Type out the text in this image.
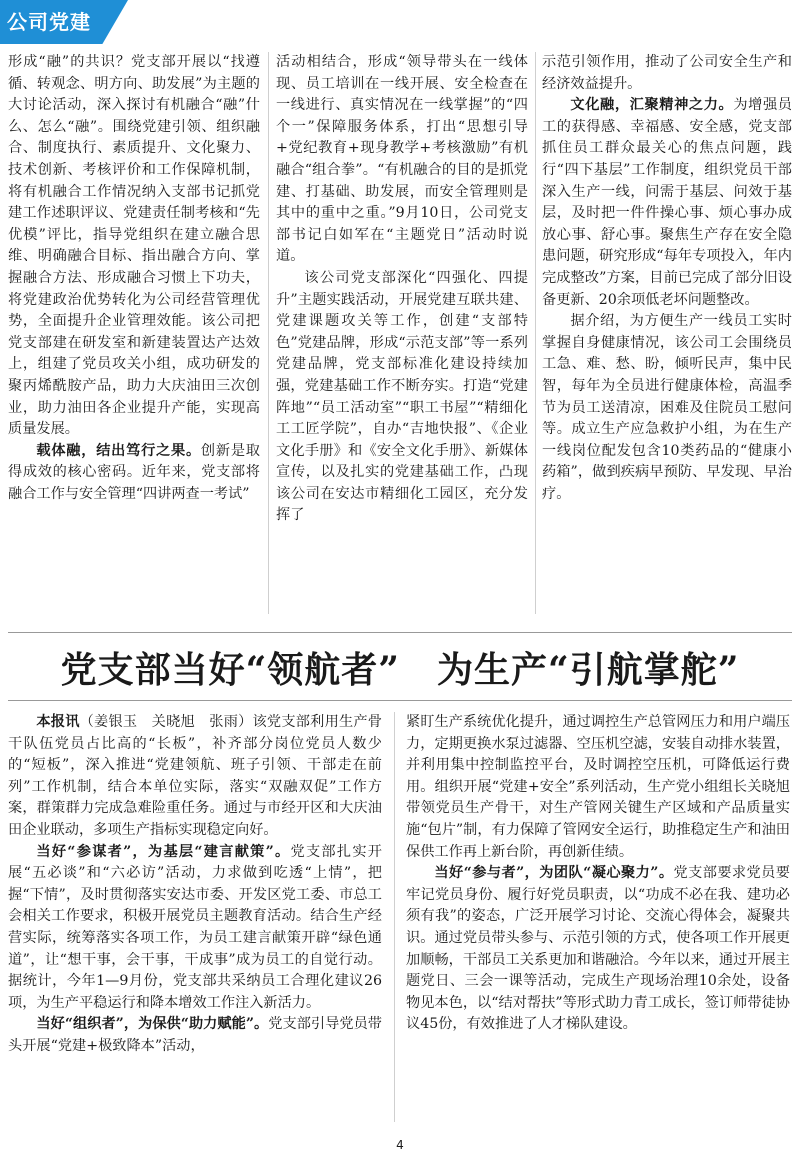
公司党建

形成“融”的共识？党支部开展以“找遵循、转观念、明方向、助发展”为主题的大讨论活动，深入探讨有机融合“融”什么、怎么“融”。围绕党建引领、组织融合、制度执行、素质提升、文化聚力、技术创新、考核评价和工作保障机制，将有机融合工作情况纳入支部书记抓党建工作述职评议、党建责任制考核和“先优模”评比，指导党组织在建立融合思维、明确融合目标、指出融合方向、掌握融合方法、形成融合习惯上下功夫，将党建政治优势转化为公司经营管理优势，全面提升企业管理效能。该公司把党支部建在研发室和新建装置达产达效上，组建了党员攻关小组，成功研发的聚丙烯酰胺产品，助力大庆油田三次创业，助力油田各企业提升产能，实现高质量发展。

载体融，结出笃行之果。创新是取得成效的核心密码。近年来，党支部将融合工作与安全管理“四讲两查一考试”

活动相结合，形成“领导带头在一线体现、员工培训在一线开展、安全检查在一线进行、真实情况在一线掌握”的“四个一”保障服务体系，打出“思想引导+党纪教育+现身教学+考核激励”有机融合“组合拳”。“有机融合的目的是抓党建、打基础、助发展，而安全管理则是其中的重中之重。”9月10日，公司党支部书记白如军在“主题党日”活动时说道。

该公司党支部深化“四强化、四提升”主题实践活动，开展党建互联共建、党建课题攻关等工作，创建“支部特色”党建品牌，形成“示范支部”等一系列党建品牌，党支部标准化建设持续加强，党建基础工作不断夯实。打造“党建阵地”“员工活动室”“职工书屋”“精细化工工匠学院”，自办“吉地快报”、《企业文化手册》和《安全文化手册》、新媒体宣传，以及扎实的党建基础工作，凸现该公司在安达市精细化工园区，充分发挥了

示范引领作用，推动了公司安全生产和经济效益提升。

文化融，汇聚精神之力。为增强员工的获得感、幸福感、安全感，党支部抓住员工群众最关心的焦点问题，践行“四下基层”工作制度，组织党员干部深入生产一线，问需于基层、问效于基层，及时把一件件操心事、烦心事办成放心事、舒心事。聚焦生产存在安全隐患问题，研究形成“每年专项投入，年内完成整改”方案，目前已完成了部分旧设备更新、20余项低老坏问题整改。

据介绍，为方便生产一线员工实时掌握自身健康情况，该公司工会围绕员工急、难、愁、盼，倾听民声，集中民智，每年为全员进行健康体检，高温季节为员工送清凉，困难及住院员工慰问等。成立生产应急救护小组，为在生产一线岗位配发包含10类药品的“健康小药箱”，做到疾病早预防、早发现、早治疗。

党支部当好“领航者”　为生产“引航掌舵”

本报讯（姜银玉　关晓旭　张雨）该党支部利用生产骨干队伍党员占比高的“长板”，补齐部分岗位党员人数少的“短板”，深入推进“党建领航、班子引领、干部走在前列”工作机制，结合本单位实际，落实“双融双促”工作方案，群策群力完成急难险重任务。通过与市经开区和大庆油田企业联动，多项生产指标实现稳定向好。

当好“参谋者”，为基层“建言献策”。党支部扎实开展“五必谈”和“六必访”活动，力求做到吃透“上情”，把握“下情”，及时贯彻落实安达市委、开发区党工委、市总工会相关工作要求，积极开展党员主题教育活动。结合生产经营实际，统筹落实各项工作，为员工建言献策开辟“绿色通道”，让“想干事，会干事，干成事”成为员工的自觉行动。据统计，今年1—9月份，党支部共采纳员工合理化建议26项，为生产平稳运行和降本增效工作注入新活力。

当好“组织者”，为保供“助力赋能”。党支部引导党员带头开展“党建+极致降本”活动，

紧盯生产系统优化提升，通过调控生产总管网压力和用户端压力，定期更换水泵过滤器、空压机空滤，安装自动排水装置，并利用集中控制监控平台，及时调控空压机，可降低运行费用。组织开展“党建+安全”系列活动，生产党小组组长关晓旭带领党员生产骨干，对生产管网关键生产区域和产品质量实施“包片”制，有力保障了管网安全运行，助推稳定生产和油田保供工作再上新台阶，再创新佳绩。

当好“参与者”，为团队“凝心聚力”。党支部要求党员要牢记党员身份、履行好党员职责，以“功成不必在我、建功必须有我”的姿态，广泛开展学习讨论、交流心得体会，凝聚共识。通过党员带头参与、示范引领的方式，使各项工作开展更加顺畅，干部员工关系更加和谐融洽。今年以来，通过开展主题党日、三会一课等活动，完成生产现场治理10余处，设备物见本色，以“结对帮扶”等形式助力青工成长，签订师带徒协议45份，有效推进了人才梯队建设。

4
